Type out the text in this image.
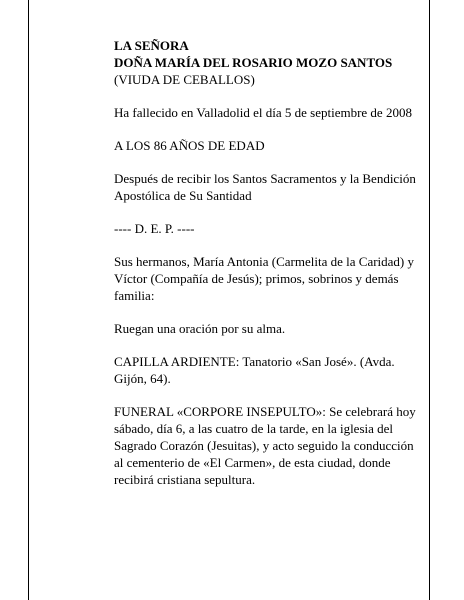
LA SEÑORA

DOÑA MARÍA DEL ROSARIO MOZO SANTOS

(VIUDA DE CEBALLOS)

Ha fallecido en Valladolid el día 5 de septiembre de 2008

A LOS 86 AÑOS DE EDAD

Después de recibir los Santos Sacramentos y la Bendición Apostólica de Su Santidad

---- D. E. P. ----

Sus hermanos, María Antonia (Carmelita de la Caridad) y Víctor (Compañía de Jesús); primos, sobrinos y demás familia:

Ruegan una oración por su alma.

CAPILLA ARDIENTE: Tanatorio «San José». (Avda. Gijón, 64).

FUNERAL «CORPORE INSEPULTO»: Se celebrará hoy sábado, día 6, a las cuatro de la tarde, en la iglesia del Sagrado Corazón (Jesuitas), y acto seguido la conducción al cementerio de «El Carmen», de esta ciudad, donde recibirá cristiana sepultura.
